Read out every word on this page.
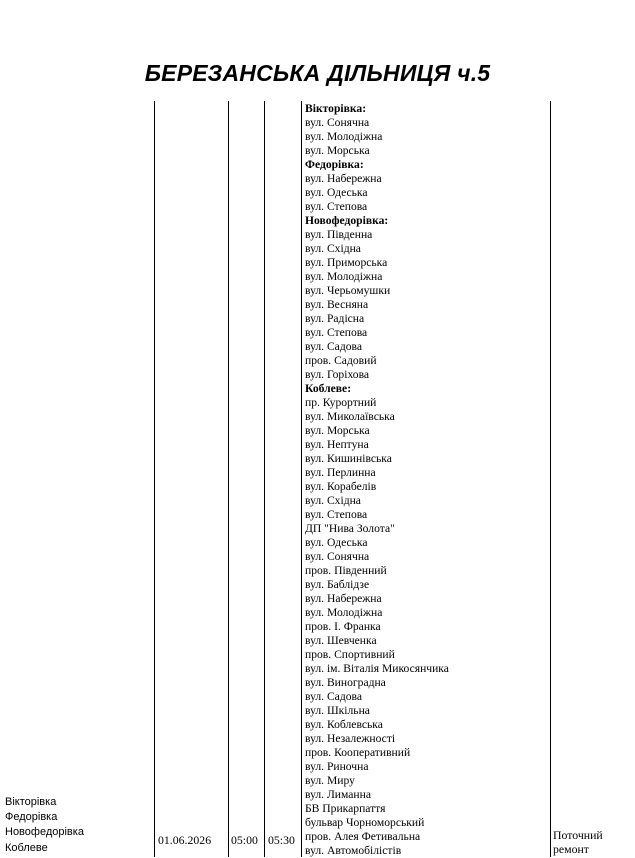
БЕРЕЗАНСЬКА ДІЛЬНИЦЯ ч.5
Вікторівка
Федорівка
Новофедорівка
Коблеве
01.06.2026 05:00 05:30	Поточний
ремонт
Вікторівка:
вул. Сонячна
вул. Молодіжна
вул. Морська
Федорівка:
вул. Набережна
вул. Одеська
вул. Степова
Новофедорівка:
вул. Південна
вул. Східна
вул. Приморська
вул. Молодіжна
вул. Черьомушки
вул. Весняна
вул. Радісна
вул. Степова
вул. Садова
пров. Садовий
вул. Горіхова
Коблеве:
пр. Курортний
вул. Миколаївська
вул. Морська
вул. Нептуна
вул. Кишинівська
вул. Перлинна
вул. Корабелів
вул. Східна
вул. Степова
ДП "Нива Золота"
вул. Одеська
вул. Сонячна
пров. Південний
вул. Баблідзе
вул. Набережна
вул. Молодіжна
пров. І. Франка
вул. Шевченка
пров. Спортивний
вул. ім. Віталія Микосянчика
вул. Виноградна
вул. Садова
вул. Шкільна
вул. Коблевська
вул. Незалежності
пров. Кооперативний
вул. Риночна
вул. Миру
вул. Лиманна
БВ Прикарпаття
бульвар Чорноморський
пров. Алея Фетивальна
вул. Автомобілістів
